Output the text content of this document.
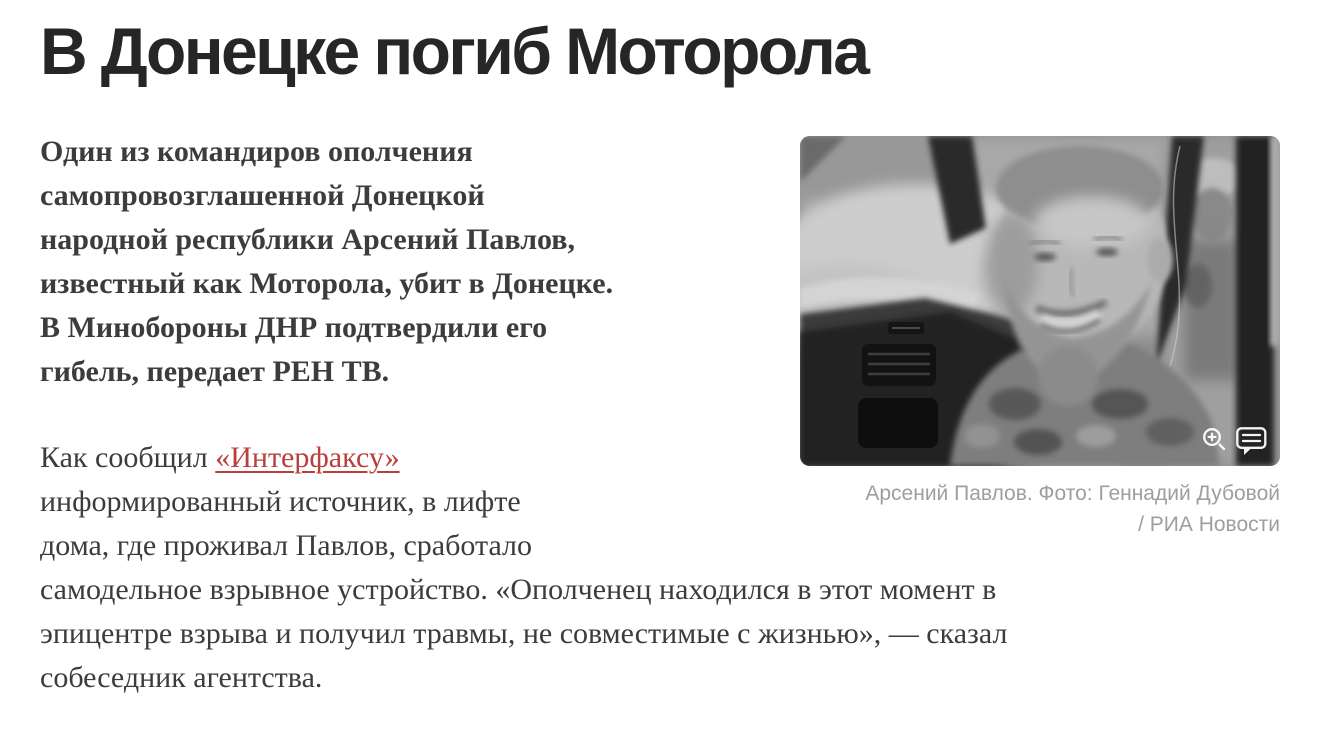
В Донецке погиб Моторола
Арсений Павлов. Фото: Геннадий Дубовой
/ РИА Новости

Один из командиров ополчения
самопровозглашенной Донецкой
народной республики Арсений Павлов,
известный как Моторола, убит в Донецке.
В Минобороны ДНР подтвердили его
гибель, передает РЕН ТВ.

Как сообщил «Интерфаксу»
информированный источник, в лифте
дома, где проживал Павлов, сработало
самодельное взрывное устройство. «Ополченец находился в этот момент в
эпицентре взрыва и получил травмы, не совместимые с жизнью», — сказал
собеседник агентства.
